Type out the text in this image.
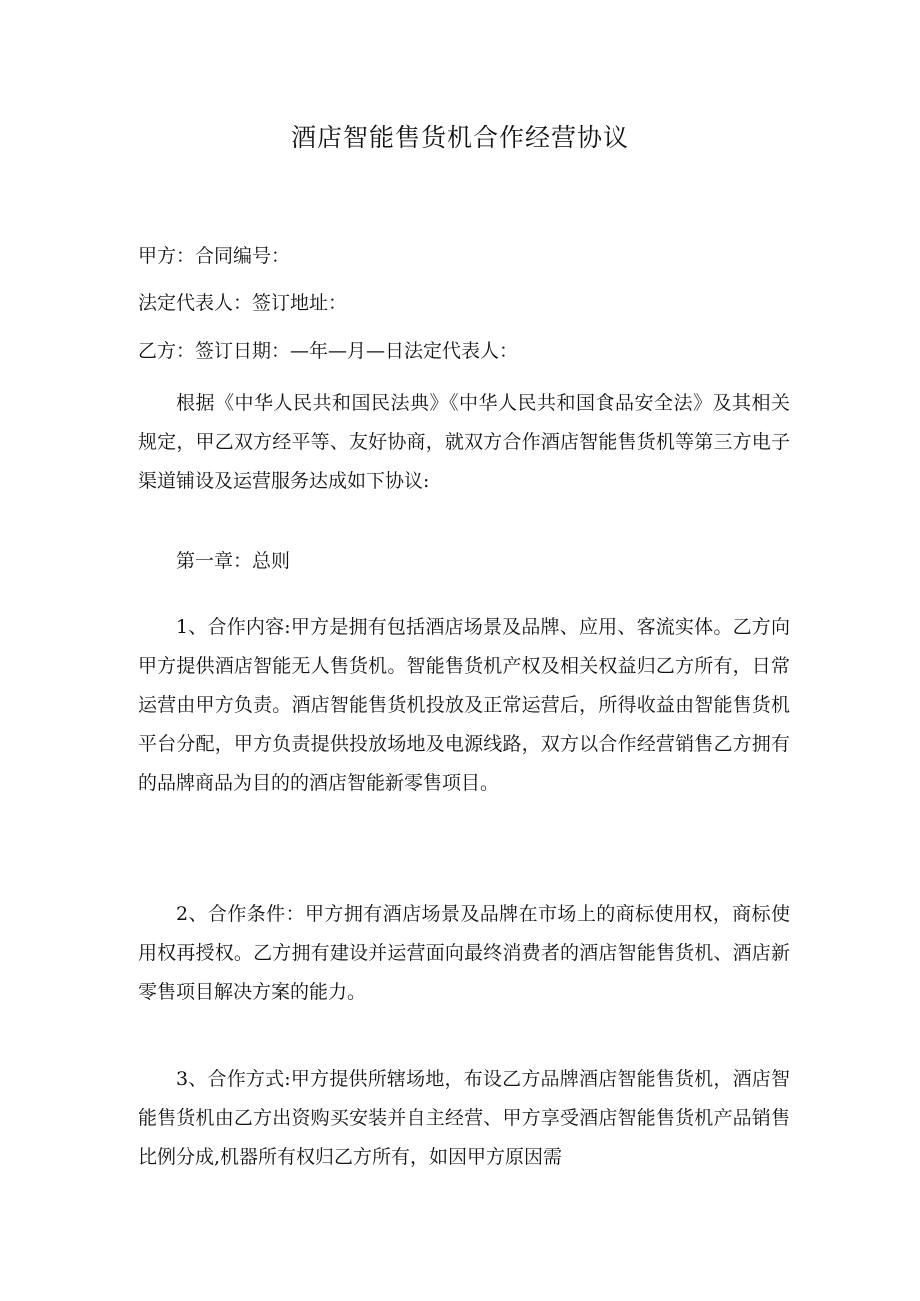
酒店智能售货机合作经营协议

甲方：合同编号：

法定代表人：签订地址：

乙方：签订日期：—年—月—日法定代表人：

根据《中华人民共和国民法典》《中华人民共和国食品安全法》及其相关规定，甲乙双方经平等、友好协商，就双方合作酒店智能售货机等第三方电子渠道铺设及运营服务达成如下协议:

第一章：总则

1、合作内容:甲方是拥有包括酒店场景及品牌、应用、客流实体。乙方向甲方提供酒店智能无人售货机。智能售货机产权及相关权益归乙方所有，日常运营由甲方负责。酒店智能售货机投放及正常运营后，所得收益由智能售货机平台分配，甲方负责提供投放场地及电源线路，双方以合作经营销售乙方拥有的品牌商品为目的的酒店智能新零售项目。

2、合作条件：甲方拥有酒店场景及品牌在市场上的商标使用权，商标使用权再授权。乙方拥有建设并运营面向最终消费者的酒店智能售货机、酒店新零售项目解决方案的能力。

3、合作方式:甲方提供所辖场地，布设乙方品牌酒店智能售货机，酒店智能售货机由乙方出资购买安装并自主经营、甲方享受酒店智能售货机产品销售比例分成,机器所有权归乙方所有，如因甲方原因需
